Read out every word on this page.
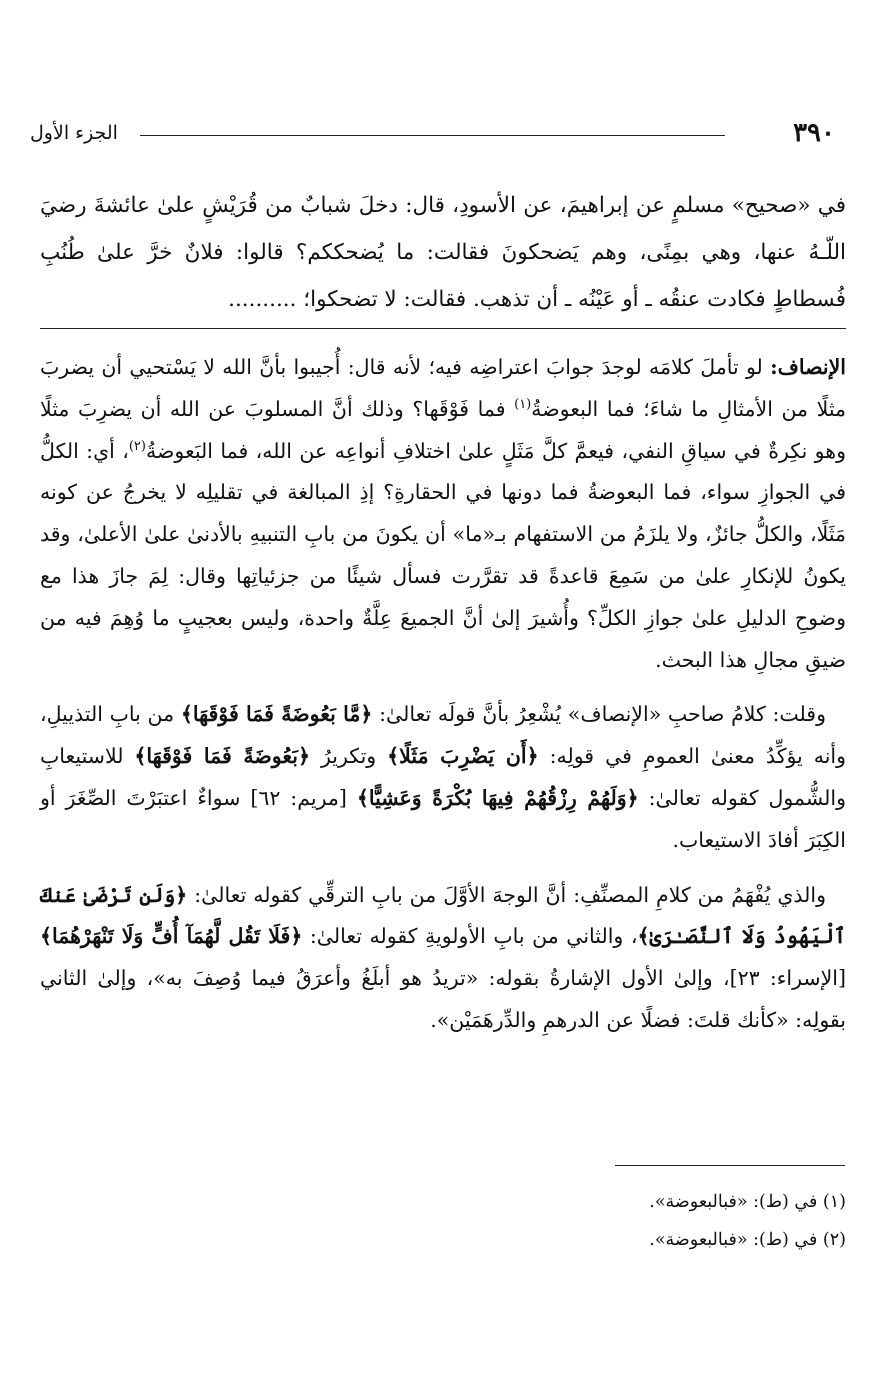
٣٩٠
الجزء الأول

في «صحيح» مسلمٍ عن إبراهيمَ، عن الأسودِ، قال: دخلَ شبابٌ من قُرَيْشٍ علىٰ عائشةَ رضيَ اللّـهُ عنها، وهي بمِنًى، وهم يَضحكونَ فقالت: ما يُضحككم؟ قالوا: فلانٌ خرَّ علىٰ طُنُبِ فُسطاطٍ فكادت عنقُه ـ أو عَيْنُه ـ أن تذهب. فقالت: لا تضحكوا؛ ..........

الإنصاف: لو تأملَ كلامَه لوجدَ جوابَ اعتراضِه فيه؛ لأنه قال: أُجيبوا بأنَّ الله لا يَسْتحيي أن يضربَ مثلًا من الأمثالِ ما شاءَ؛ فما البعوضةُ$^{(١)}$ فما فَوْقَها؟ وذلك أنَّ المسلوبَ عن الله أن يضرِبَ مثلًا وهو نكِرةٌ في سياقِ النفي، فيعمَّ كلَّ مَثَلٍ علىٰ اختلافِ أنواعِه عن الله، فما البَعوضةُ$^{(٢)}$، أي: الكلُّ في الجوازِ سواء، فما البعوضةُ فما دونها في الحقارةِ؟ إذِ المبالغة في تقليلِه لا يخرجُ عن كونه مَثَلًا، والكلُّ جائزٌ، ولا يلزَمُ من الاستفهام بـ«ما» أن يكونَ من بابِ التنبيهِ بالأدنىٰ علىٰ الأعلىٰ، وقد يكونُ للإنكارِ علىٰ من سَمِعَ قاعدةً قد تقرَّرت فسأل شيئًا من جزئياتِها وقال: لِمَ جازَ هذا مع وضوحِ الدليلِ علىٰ جوازِ الكلِّ؟ وأُشيرَ إلىٰ أنَّ الجميعَ عِلَّةٌ واحدة، وليس بعجيبٍ ما وُهِمَ فيه من ضيقِ مجالِ هذا البحث.

وقلت: كلامُ صاحبِ «الإنصاف» يُشْعِرُ بأنَّ قولَه تعالىٰ: ﴿مَّا بَعُوضَةً فَمَا فَوْقَهَا﴾ من بابِ التذييلِ، وأنه يؤكِّدُ معنىٰ العمومِ في قولِه: ﴿أَن يَضْرِبَ مَثَلًا﴾ وتكريرُ ﴿بَعُوضَةً فَمَا فَوْقَهَا﴾ للاستيعابِ والشُّمول كقوله تعالىٰ: ﴿وَلَهُمْ رِزْقُهُمْ فِيهَا بُكْرَةً وَعَشِيًّا﴾ [مريم: ٦٢] سواءٌ اعتبَرْتَ الصِّغَرَ أو الكِبَرَ أفادَ الاستيعاب.

والذي يُفْهَمُ من كلامِ المصنِّفِ: أنَّ الوجهَ الأوَّلَ من بابِ الترقِّي كقوله تعالىٰ: ﴿وَلَن تَرْضَىٰ عَنكَ ٱلْيَهُودُ وَلَا ٱلنَّصَـٰرَىٰ﴾، والثاني من بابِ الأولويةِ كقوله تعالىٰ: ﴿فَلَا تَقُل لَّهُمَآ أُفٍّ وَلَا تَنْهَرْهُمَا﴾ [الإسراء: ٢٣]، وإلىٰ الأول الإشارةُ بقوله: «تريدُ هو أبلَغُ وأعرَقُ فيما وُصِفَ به»، وإلىٰ الثاني بقولِه: «كأنك قلتَ: فضلًا عن الدرهمِ والدِّرهَمَيْن».

(١) في (ط): «فبالبعوضة».

(٢) في (ط): «فبالبعوضة».
